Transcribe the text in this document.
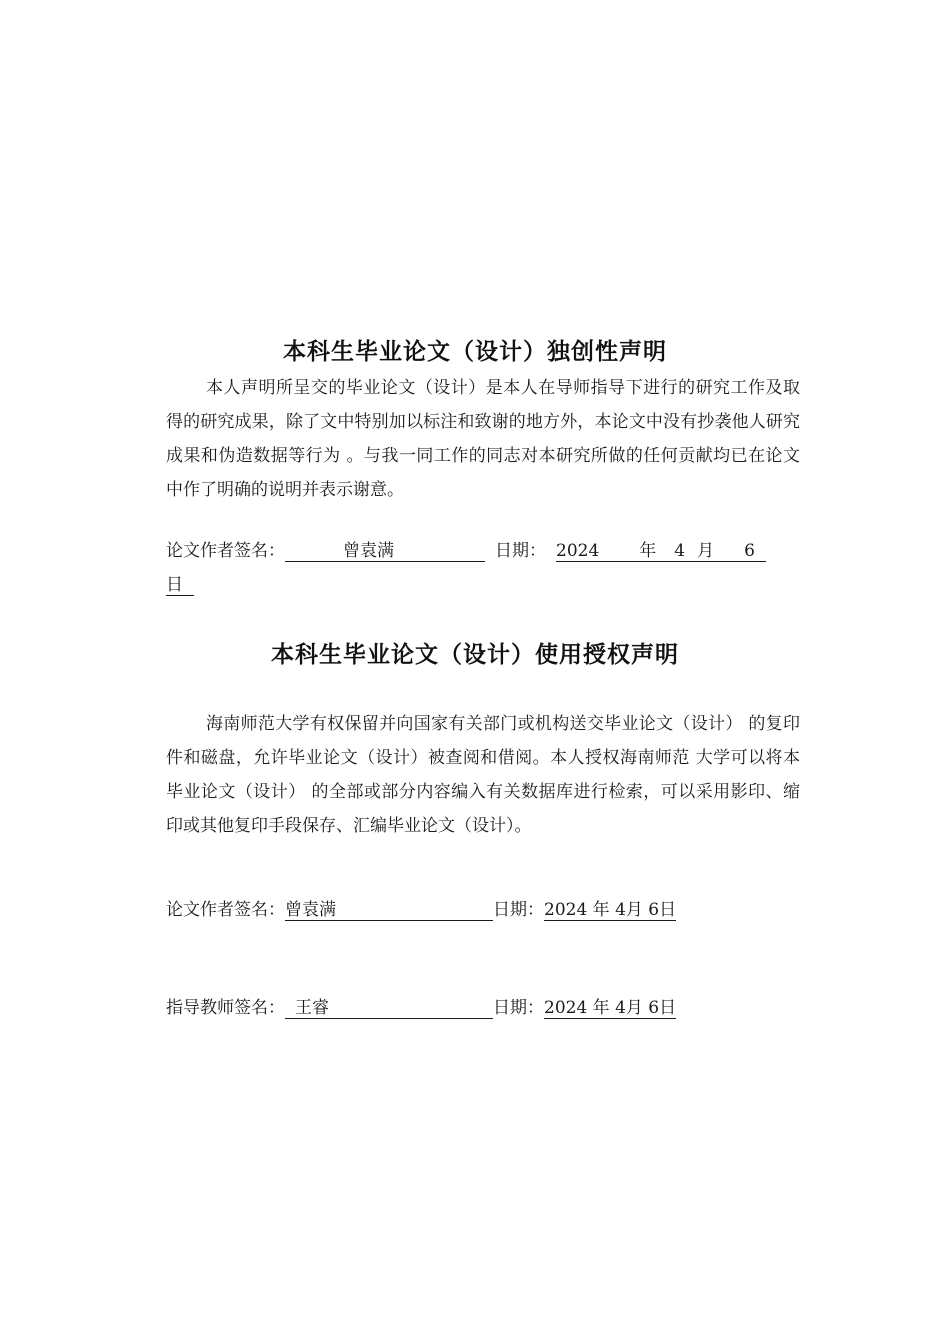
本科生毕业论文（设计）独创性声明
本人声明所呈交的毕业论文（设计）是本人在导师指导下进行的研究工作及取得的研究成果，除了文中特别加以标注和致谢的地方外，本论文中没有抄袭他人研究成果和伪造数据等行为 。与我一同工作的同志对本研究所做的任何贡献均已在论文中作了明确的说明并表示谢意。
论文作者签名：	曾袁满	日期： 2024 年 4 月 6
日
本科生毕业论文（设计）使用授权声明
海南师范大学有权保留并向国家有关部门或机构送交毕业论文（设计） 的复印件和磁盘，允许毕业论文（设计）被查阅和借阅。本人授权海南师范 大学可以将本毕业论文（设计） 的全部或部分内容编入有关数据库进行检索，可以采用影印、缩印或其他复印手段保存、汇编毕业论文（设计）。
论文作者签名：曾袁满	日期：2024 年 4月 6日
指导教师签名： 王睿	日期：2024 年 4月 6日
